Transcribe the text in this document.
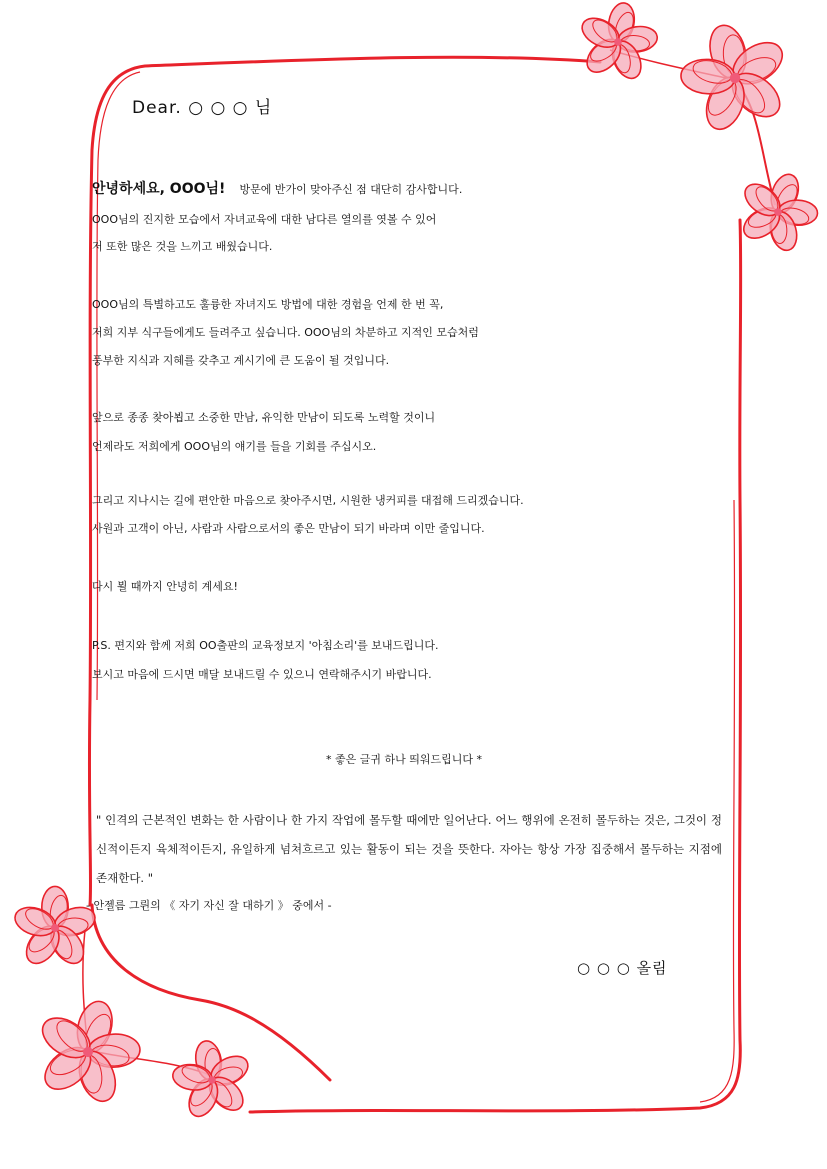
Dear. ○ ○ ○ 님
안녕하세요, OOO님! 방문에 반가이 맞아주신 점 대단히 감사합니다.
OOO님의 진지한 모습에서 자녀교육에 대한 남다른 열의를 엿볼 수 있어
저 또한 많은 것을 느끼고 배웠습니다.
OOO님의 특별하고도 훌륭한 자녀지도 방법에 대한 경험을 언제 한 번 꼭,
저희 지부 식구들에게도 들려주고 싶습니다. OOO님의 차분하고 지적인 모습처럼
풍부한 지식과 지혜를 갖추고 계시기에 큰 도움이 될 것입니다.
앞으로 종종 찾아뵙고 소중한 만남, 유익한 만남이 되도록 노력할 것이니
언제라도 저희에게 OOO님의 얘기를 들을 기회를 주십시오.
그리고 지나시는 길에 편안한 마음으로 찾아주시면, 시원한 냉커피를 대접해 드리겠습니다.
사원과 고객이 아닌, 사람과 사람으로서의 좋은 만남이 되기 바라며 이만 줄입니다.
다시 뵐 때까지 안녕히 계세요!
P.S. 편지와 함께 저희 OO출판의 교육정보지 '아침소리'를 보내드립니다.
보시고 마음에 드시면 매달 보내드릴 수 있으니 연락해주시기 바랍니다.
* 좋은 글귀 하나 띄워드립니다 *
" 인격의 근본적인 변화는 한 사람이나 한 가지 작업에 몰두할 때에만 일어난다. 어느 행위에 온전히 몰두하는 것은, 그것이 정신적이든지 육체적이든지, 유일하게 넘쳐흐르고 있는 활동이 되는 것을 뜻한다. 자아는 항상 가장 집중해서 몰두하는 지점에 존재한다. "
- 안젤름 그륀의 《 자기 자신 잘 대하기 》 중에서 -
○ ○ ○ 올림
